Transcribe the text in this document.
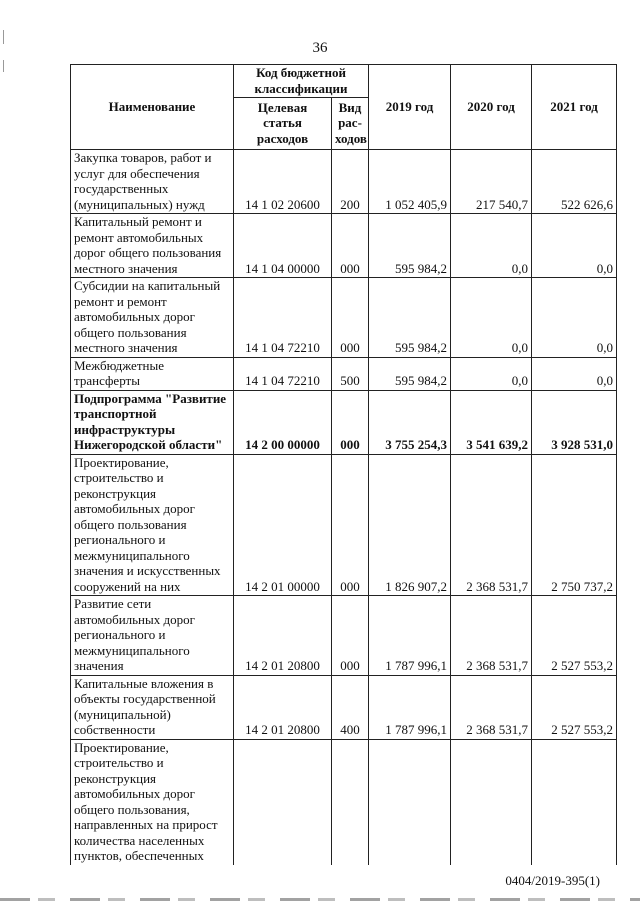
36
Наименование	Код бюджетной классификации		2019 год	2020 год	2021 год
	Целевая статья расходов	Вид рас-ходов			
Закупка товаров, работ и услуг для обеспечения государственных (муниципальных) нужд	14 1 02 20600	200	1 052 405,9	217 540,7	522 626,6
Капитальный ремонт и ремонт автомобильных дорог общего пользования местного значения	14 1 04 00000	000	595 984,2	0,0	0,0
Субсидии на капитальный ремонт и ремонт автомобильных дорог общего пользования местного значения	14 1 04 72210	000	595 984,2	0,0	0,0
Межбюджетные трансферты	14 1 04 72210	500	595 984,2	0,0	0,0
Подпрограмма "Развитие транспортной инфраструктуры Нижегородской области"	14 2 00 00000	000	3 755 254,3	3 541 639,2	3 928 531,0
Проектирование, строительство и реконструкция автомобильных дорог общего пользования регионального и межмуниципального значения и искусственных сооружений на них	14 2 01 00000	000	1 826 907,2	2 368 531,7	2 750 737,2
Развитие сети автомобильных дорог регионального и межмуниципального значения	14 2 01 20800	000	1 787 996,1	2 368 531,7	2 527 553,2
Капитальные вложения в объекты государственной (муниципальной) собственности	14 2 01 20800	400	1 787 996,1	2 368 531,7	2 527 553,2
Проектирование, строительство и реконструкция автомобильных дорог общего пользования, направленных на прирост количества населенных пунктов, обеспеченных					
0404/2019-395(1)
